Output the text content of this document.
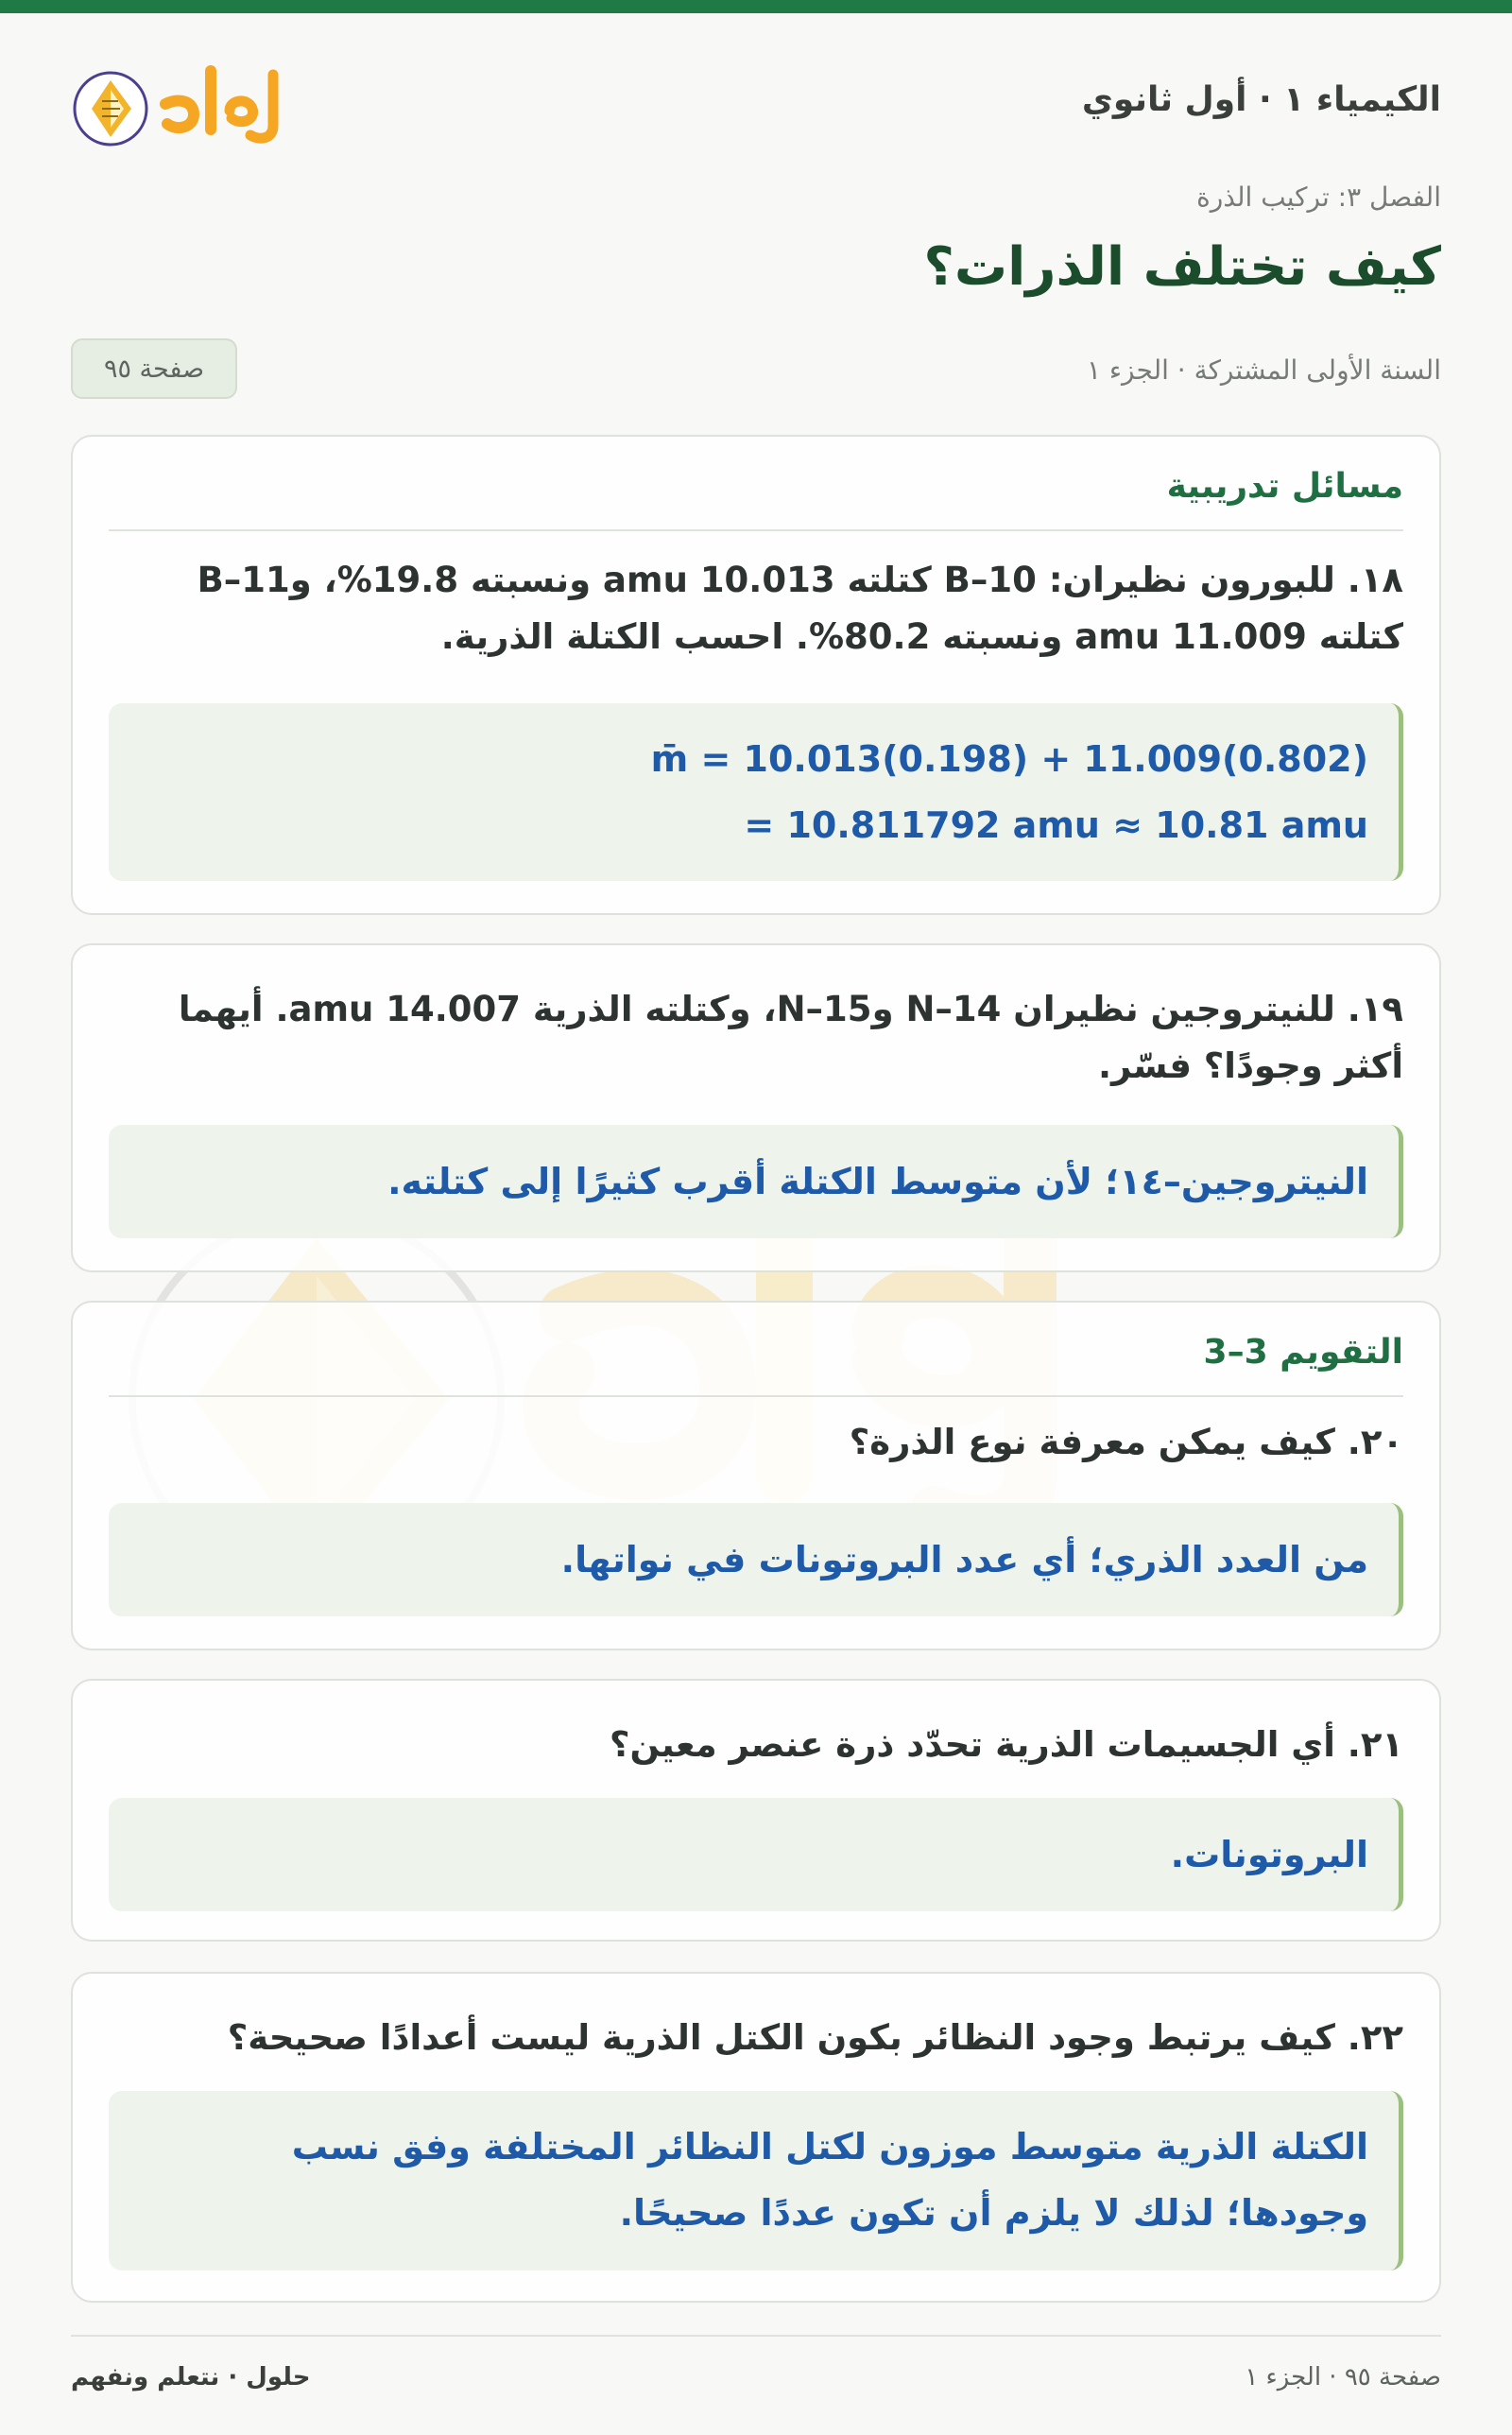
الكيمياء ١ · أول ثانوي

الفصل ٣: تركيب الذرة

كيف تختلف الذرات؟

السنة الأولى المشتركة · الجزء ١

صفحة ٩٥
مسائل تدريبية

١٨. للبورون نظيران: B–10 كتلته 10.013 amu ونسبته 19.8%، وB–11 كتلته 11.009 amu ونسبته 80.2%. احسب الكتلة الذرية.

m̄ = 10.013(0.198) + 11.009(0.802)

= 10.811792 amu ≈ 10.81 amu

١٩. للنيتروجين نظيران N–14 وN–15، وكتلته الذرية 14.007 amu. أيهما أكثر وجودًا؟ فسّر.

النيتروجين–١٤؛ لأن متوسط الكتلة أقرب كثيرًا إلى كتلته.

التقويم 3–3

٢٠. كيف يمكن معرفة نوع الذرة؟

من العدد الذري؛ أي عدد البروتونات في نواتها.

٢١. أي الجسيمات الذرية تحدّد ذرة عنصر معين؟

البروتونات.

٢٢. كيف يرتبط وجود النظائر بكون الكتل الذرية ليست أعدادًا صحيحة؟

الكتلة الذرية متوسط موزون لكتل النظائر المختلفة وفق نسب وجودها؛ لذلك لا يلزم أن تكون عددًا صحيحًا.

صفحة ٩٥ · الجزء ١

حلول · نتعلم ونفهم
